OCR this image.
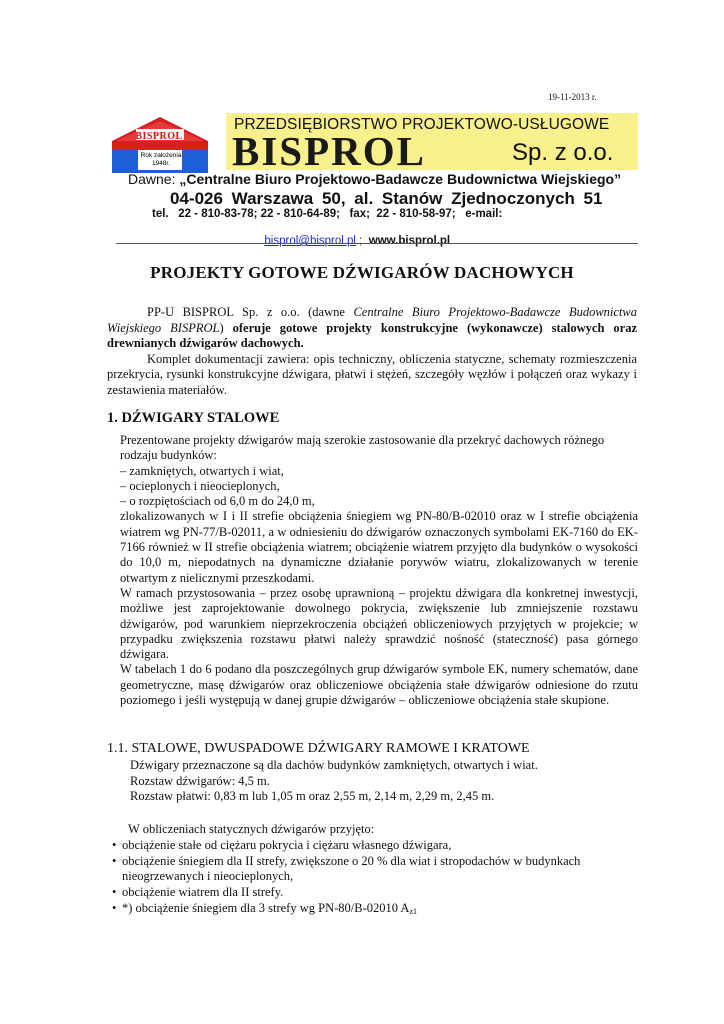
19-11-2013 r.
BISPROL
Rok założenia
1948r.
PRZEDSIĘBIORSTWO PROJEKTOWO-USŁUGOWE
BISPROL	Sp. z o.o.
Dawne: „Centralne Biuro Projektowo-Badawcze Budownictwa Wiejskiego”
04-026 Warszawa 50, al. Stanów Zjednoczonych 51
tel.   22 - 810-83-78; 22 - 810-64-89;   fax;  22 - 810-58-97;   e-mail:

bisprol@bisprol.pl ;  www.bisprol.pl

PROJEKTY GOTOWE DŹWIGARÓW DACHOWYCH

PP-U BISPROL Sp. z o.o. (dawne Centralne Biuro Projektowo-Badawcze Budownictwa Wiejskiego BISPROL) oferuje gotowe projekty konstrukcyjne (wykonawcze) stalowych oraz drewnianych dźwigarów dachowych.

Komplet dokumentacji zawiera: opis techniczny, obliczenia statyczne, schematy rozmieszczenia przekrycia, rysunki konstrukcyjne dźwigara, płatwi i stężeń, szczegóły węzłów i połączeń oraz wykazy i zestawienia materiałów.

1. DŹWIGARY STALOWE

Prezentowane projekty dźwigarów mają szerokie zastosowanie dla przekryć dachowych różnego rodzaju budynków:

– zamkniętych, otwartych i wiat,

– ocieplonych i nieocieplonych,

– o rozpiętościach od 6,0 m do 24,0 m,

zlokalizowanych w I i II strefie obciążenia śniegiem wg PN-80/B-02010 oraz w I strefie obciążenia wiatrem wg PN-77/B-02011, a w odniesieniu do dźwigarów oznaczonych symbolami EK-7160 do EK-7166 również w II strefie obciążenia wiatrem; obciążenie wiatrem przyjęto dla budynków o wysokości do 10,0 m, niepodatnych na dynamiczne działanie porywów wiatru, zlokalizowanych w terenie otwartym z nielicznymi przeszkodami.

W ramach przystosowania – przez osobę uprawnioną – projektu dźwigara dla konkretnej inwestycji, możliwe jest zaprojektowanie dowolnego pokrycia, zwiększenie lub zmniejszenie rozstawu dźwigarów, pod warunkiem nieprzekroczenia obciążeń obliczeniowych przyjętych w projekcie; w przypadku zwiększenia rozstawu płatwi należy sprawdzić nośność (stateczność) pasa górnego dźwigara.

W tabelach 1 do 6 podano dla poszczególnych grup dźwigarów symbole EK, numery schematów, dane geometryczne, masę dźwigarów oraz obliczeniowe obciążenia stałe dźwigarów odniesione do rzutu poziomego i jeśli występują w danej grupie dźwigarów – obliczeniowe obciążenia stałe skupione.

1.1. STALOWE, DWUSPADOWE DŹWIGARY RAMOWE I KRATOWE

Dźwigary przeznaczone są dla dachów budynków zamkniętych, otwartych i wiat.

Rozstaw dźwigarów: 4,5 m.

Rozstaw płatwi: 0,83 m lub 1,05 m oraz 2,55 m, 2,14 m, 2,29 m, 2,45 m.

W obliczeniach statycznych dźwigarów przyjęto:
• obciążenie stałe od ciężaru pokrycia i ciężaru własnego dźwigara,
• obciążenie śniegiem dla II strefy, zwiększone o 20 % dla wiat i stropodachów w budynkach nieogrzewanych i nieocieplonych,
• obciążenie wiatrem dla II strefy.
• *) obciążenie śniegiem dla 3 strefy wg PN-80/B-02010 $A_{z1}$
